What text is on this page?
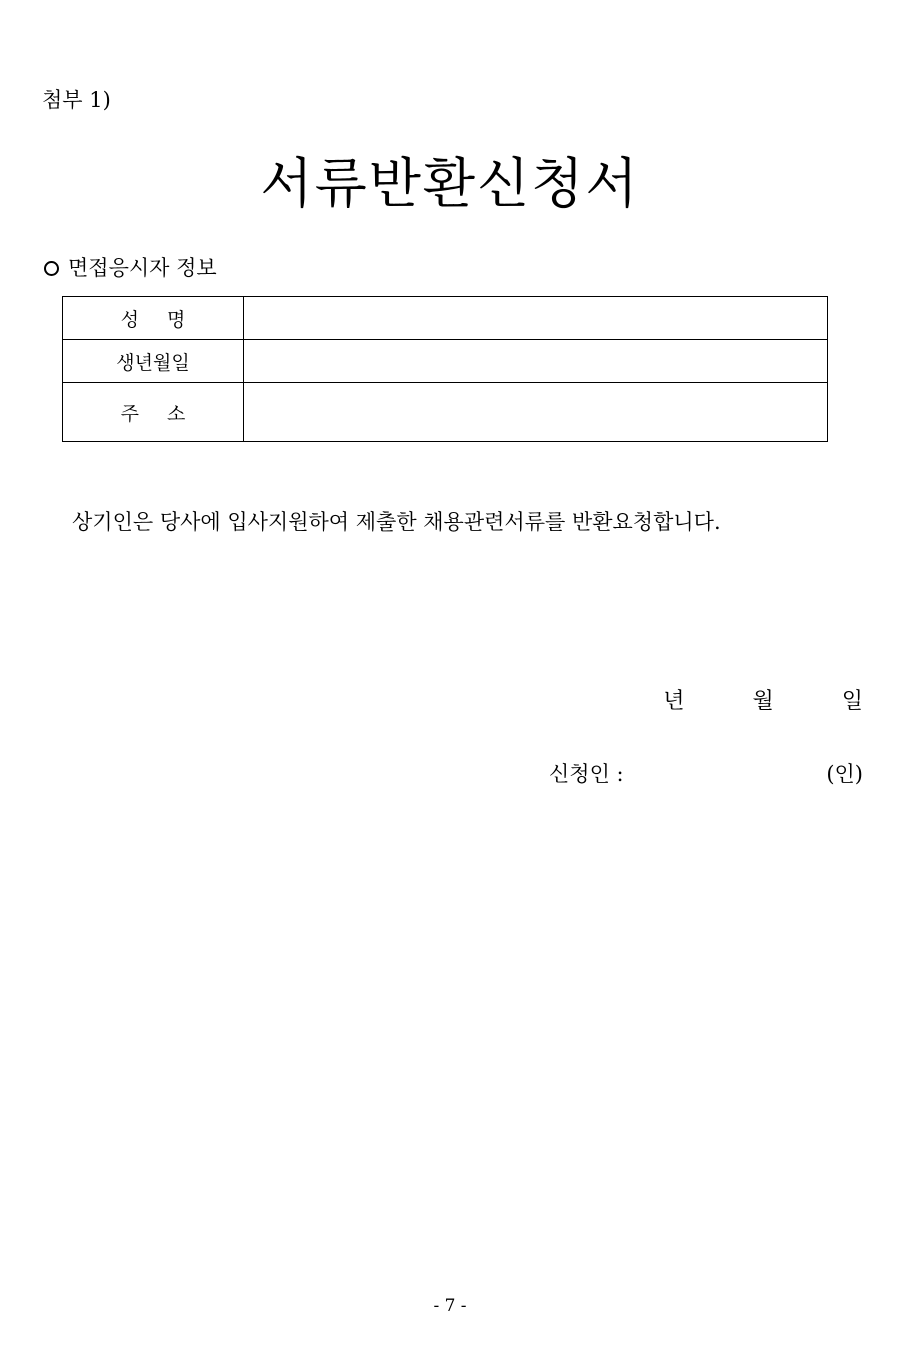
첨부 1)
서류반환신청서
면접응시자 정보
성명	
생년월일	
주소	
상기인은 당사에 입사지원하여 제출한 채용관련서류를 반환요청합니다.
년	월	일
신청인 :	(인)
- 7 -
